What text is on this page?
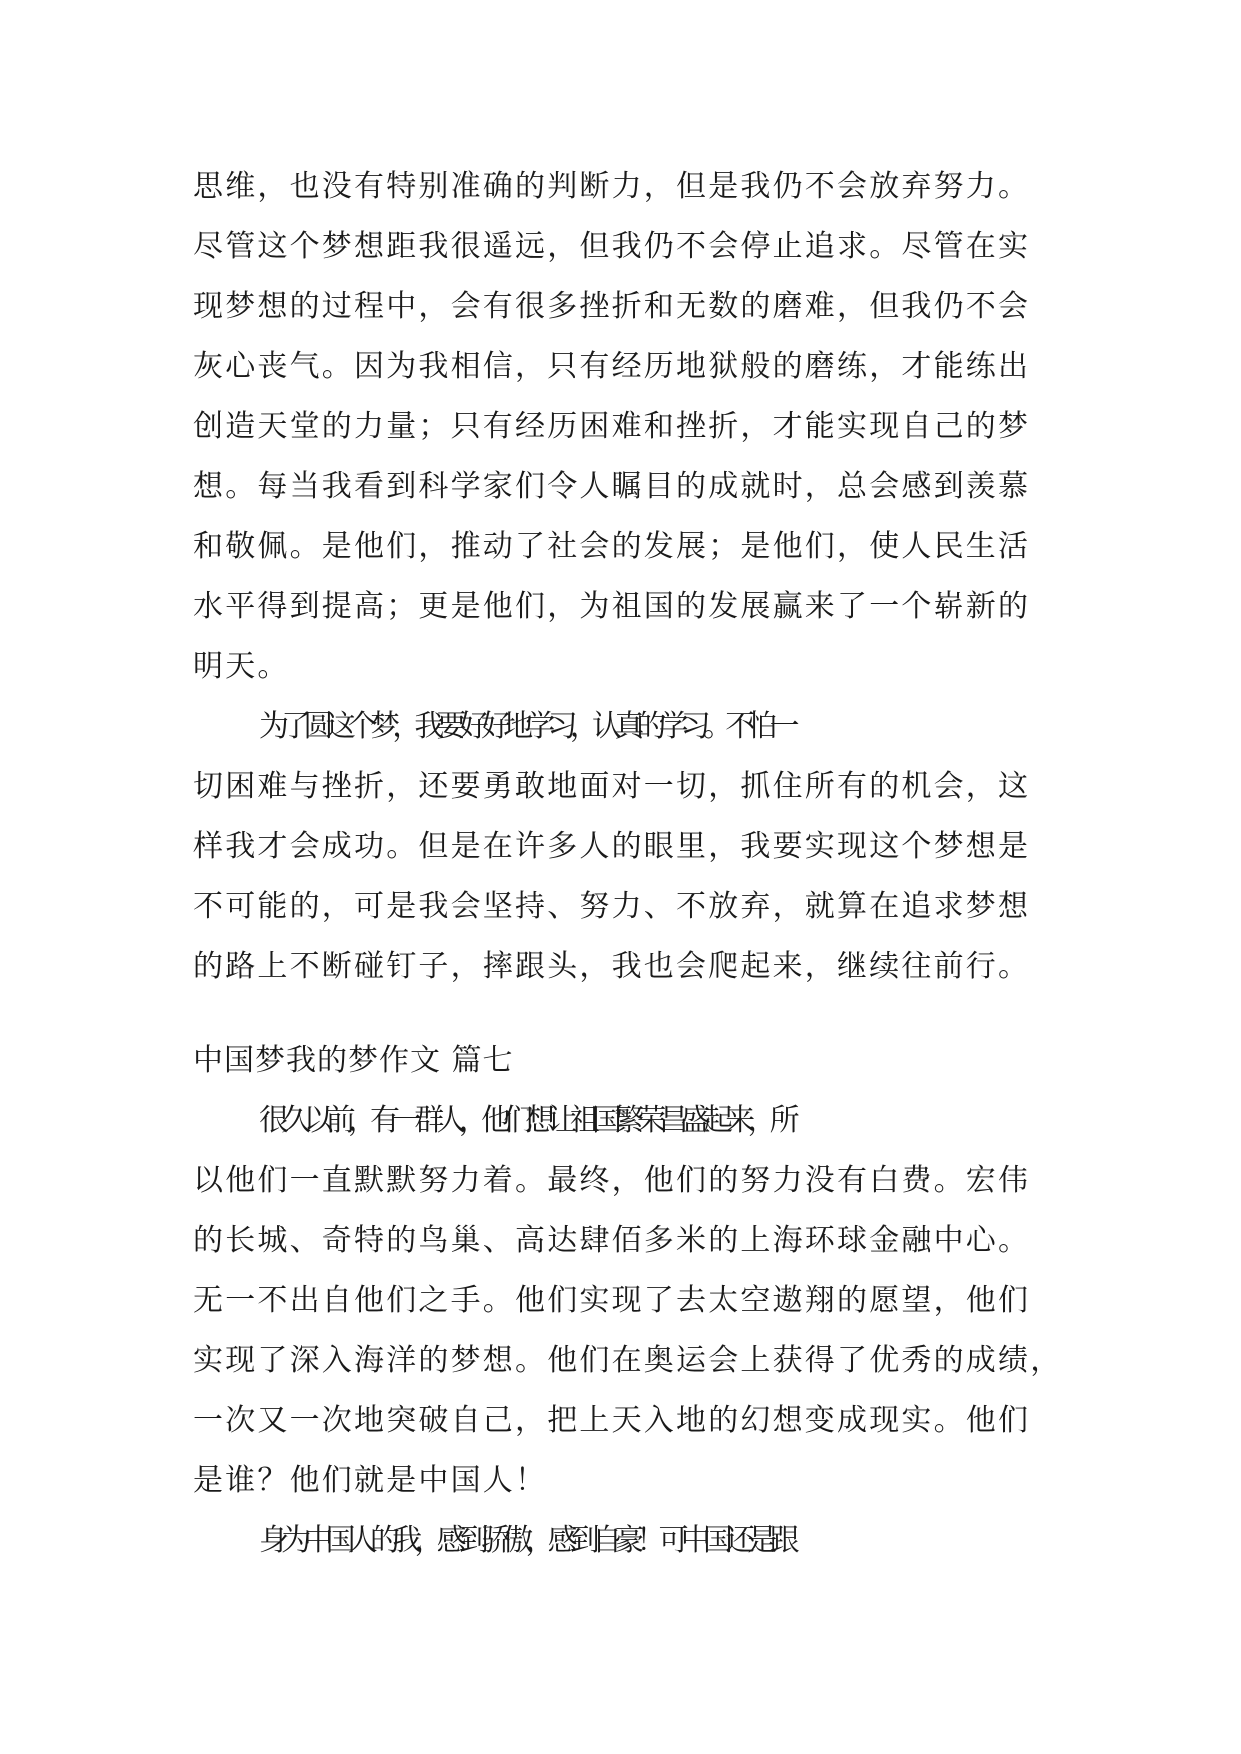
思维，也没有特别准确的判断力，但是我仍不会放弃努力。
尽管这个梦想距我很遥远，但我仍不会停止追求。尽管在实
现梦想的过程中，会有很多挫折和无数的磨难，但我仍不会
灰心丧气。因为我相信，只有经历地狱般的磨练，才能练出
创造天堂的力量；只有经历困难和挫折，才能实现自己的梦
想。每当我看到科学家们令人瞩目的成就时，总会感到羡慕
和敬佩。是他们，推动了社会的发展；是他们，使人民生活
水平得到提高；更是他们，为祖国的发展赢来了一个崭新的
明天。
为了圆这个梦，我要好好地学习，认真的学习。不怕一
切困难与挫折，还要勇敢地面对一切，抓住所有的机会，这
样我才会成功。但是在许多人的眼里，我要实现这个梦想是
不可能的，可是我会坚持、努力、不放弃，就算在追求梦想
的路上不断碰钉子，摔跟头，我也会爬起来，继续往前行。
中国梦我的梦作文 篇七
很久以前，有一群人，他们想让祖国繁荣昌盛起来，所
以他们一直默默努力着。最终，他们的努力没有白费。宏伟
的长城、奇特的鸟巢、高达肆佰多米的上海环球金融中心。
无一不出自他们之手。他们实现了去太空遨翔的愿望，他们
实现了深入海洋的梦想。他们在奥运会上获得了优秀的成绩，
一次又一次地突破自己，把上天入地的幻想变成现实。他们
是谁？他们就是中国人！
身为中国人的我，感到骄傲，感到自豪！可中国还是跟
